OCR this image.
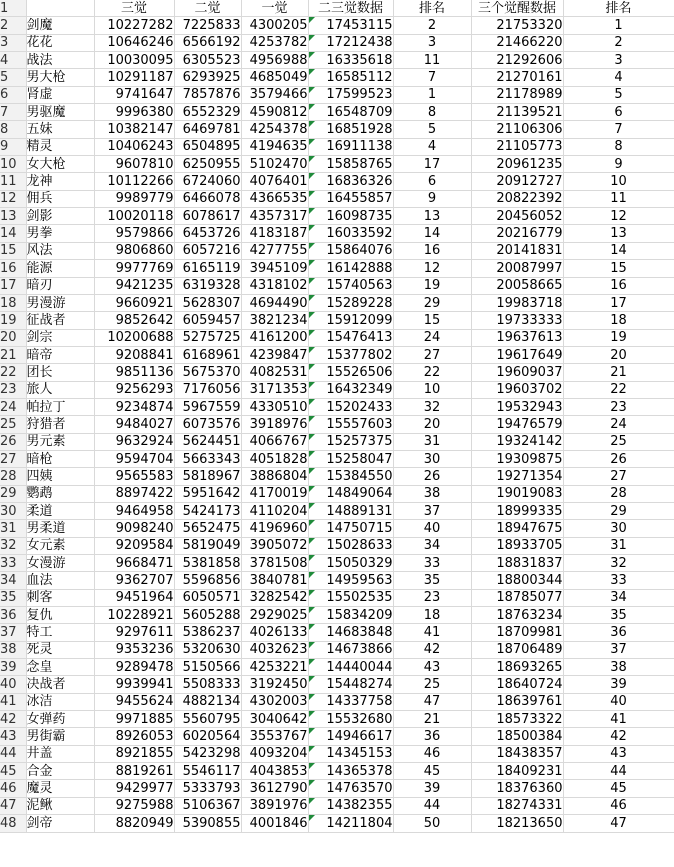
1		三觉	二觉	一觉	二三觉数据	排名	三个觉醒数据	排名
2	剑魔	10227282	7225833	4300205	17453115	2	21753320	1
3	花花	10646246	6566192	4253782	17212438	3	21466220	2
4	战法	10030095	6305523	4956988	16335618	11	21292606	3
5	男大枪	10291187	6293925	4685049	16585112	7	21270161	4
6	肾虚	9741647	7857876	3579466	17599523	1	21178989	5
7	男驱魔	9996380	6552329	4590812	16548709	8	21139521	6
8	五妹	10382147	6469781	4254378	16851928	5	21106306	7
9	精灵	10406243	6504895	4194635	16911138	4	21105773	8
10	女大枪	9607810	6250955	5102470	15858765	17	20961235	9
11	龙神	10112266	6724060	4076401	16836326	6	20912727	10
12	佣兵	9989779	6466078	4366535	16455857	9	20822392	11
13	剑影	10020118	6078617	4357317	16098735	13	20456052	12
14	男拳	9579866	6453726	4183187	16033592	14	20216779	13
15	风法	9806860	6057216	4277755	15864076	16	20141831	14
16	能源	9977769	6165119	3945109	16142888	12	20087997	15
17	暗刃	9421235	6319328	4318102	15740563	19	20058665	16
18	男漫游	9660921	5628307	4694490	15289228	29	19983718	17
19	征战者	9852642	6059457	3821234	15912099	15	19733333	18
20	剑宗	10200688	5275725	4161200	15476413	24	19637613	19
21	暗帝	9208841	6168961	4239847	15377802	27	19617649	20
22	团长	9851136	5675370	4082531	15526506	22	19609037	21
23	旅人	9256293	7176056	3171353	16432349	10	19603702	22
24	帕拉丁	9234874	5967559	4330510	15202433	32	19532943	23
25	狩猎者	9484027	6073576	3918976	15557603	20	19476579	24
26	男元素	9632924	5624451	4066767	15257375	31	19324142	25
27	暗枪	9594704	5663343	4051828	15258047	30	19309875	26
28	四姨	9565583	5818967	3886804	15384550	26	19271354	27
29	鹦鹉	8897422	5951642	4170019	14849064	38	19019083	28
30	柔道	9464958	5424173	4110204	14889131	37	18999335	29
31	男柔道	9098240	5652475	4196960	14750715	40	18947675	30
32	女元素	9209584	5819049	3905072	15028633	34	18933705	31
33	女漫游	9668471	5381858	3781508	15050329	33	18831837	32
34	血法	9362707	5596856	3840781	14959563	35	18800344	33
35	刺客	9451964	6050571	3282542	15502535	23	18785077	34
36	复仇	10228921	5605288	2929025	15834209	18	18763234	35
37	特工	9297611	5386237	4026133	14683848	41	18709981	36
38	死灵	9353236	5320630	4032623	14673866	42	18706489	37
39	念皇	9289478	5150566	4253221	14440044	43	18693265	38
40	决战者	9939941	5508333	3192450	15448274	25	18640724	39
41	冰洁	9455624	4882134	4302003	14337758	47	18639761	40
42	女弹药	9971885	5560795	3040642	15532680	21	18573322	41
43	男街霸	8926053	6020564	3553767	14946617	36	18500384	42
44	井盖	8921855	5423298	4093204	14345153	46	18438357	43
45	合金	8819261	5546117	4043853	14365378	45	18409231	44
46	魔灵	9429977	5333793	3612790	14763570	39	18376360	45
47	泥鳅	9275988	5106367	3891976	14382355	44	18274331	46
48	剑帝	8820949	5390855	4001846	14211804	50	18213650	47
